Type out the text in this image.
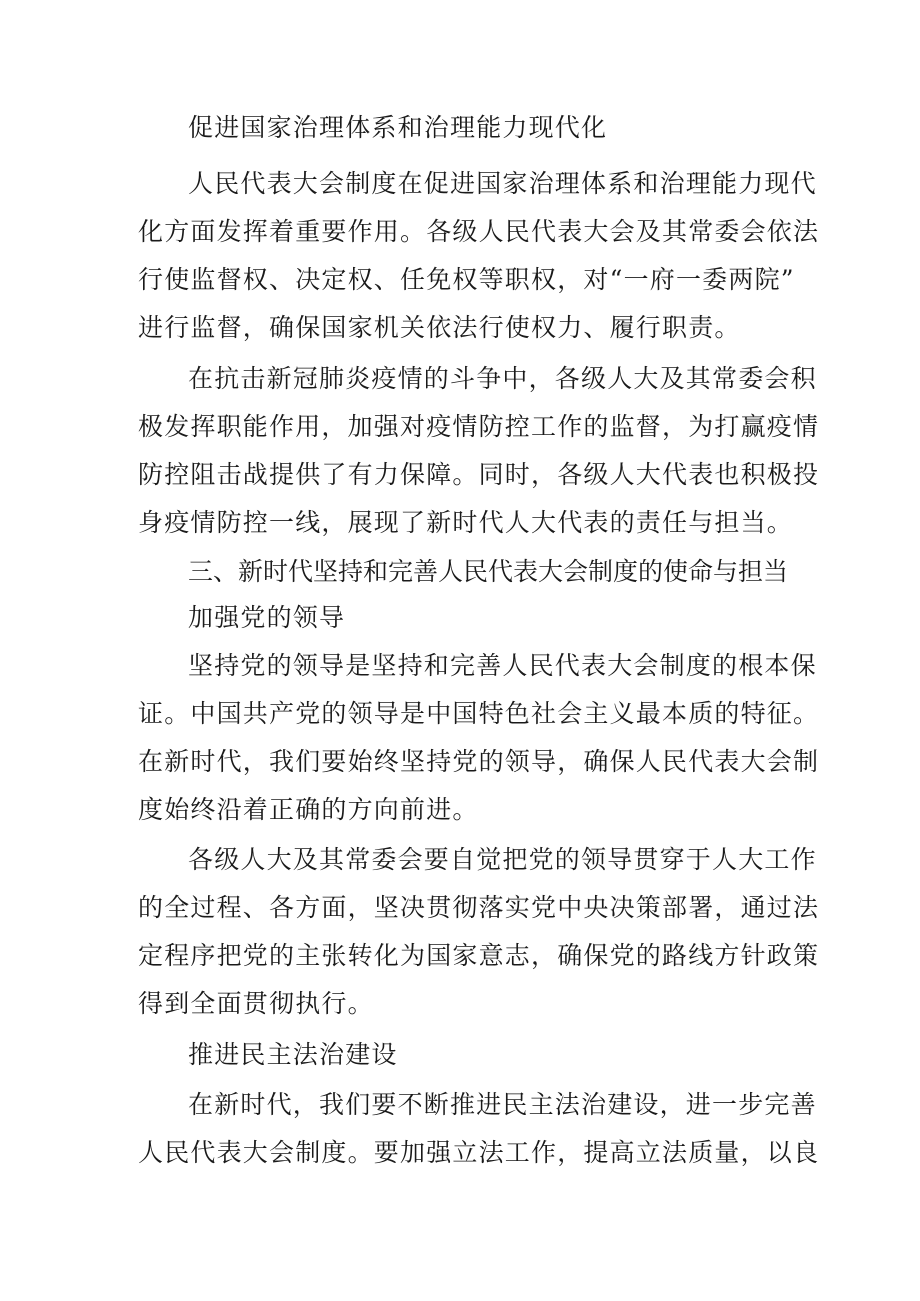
促进国家治理体系和治理能力现代化
人民代表大会制度在促进国家治理体系和治理能力现代
化方面发挥着重要作用。各级人民代表大会及其常委会依法
行使监督权、决定权、任免权等职权，对“一府一委两院”
进行监督，确保国家机关依法行使权力、履行职责。
在抗击新冠肺炎疫情的斗争中，各级人大及其常委会积
极发挥职能作用，加强对疫情防控工作的监督，为打赢疫情
防控阻击战提供了有力保障。同时，各级人大代表也积极投
身疫情防控一线，展现了新时代人大代表的责任与担当。
三、新时代坚持和完善人民代表大会制度的使命与担当
加强党的领导
坚持党的领导是坚持和完善人民代表大会制度的根本保
证。中国共产党的领导是中国特色社会主义最本质的特征。
在新时代，我们要始终坚持党的领导，确保人民代表大会制
度始终沿着正确的方向前进。
各级人大及其常委会要自觉把党的领导贯穿于人大工作
的全过程、各方面，坚决贯彻落实党中央决策部署，通过法
定程序把党的主张转化为国家意志，确保党的路线方针政策
得到全面贯彻执行。
推进民主法治建设
在新时代，我们要不断推进民主法治建设，进一步完善
人民代表大会制度。要加强立法工作，提高立法质量，以良
